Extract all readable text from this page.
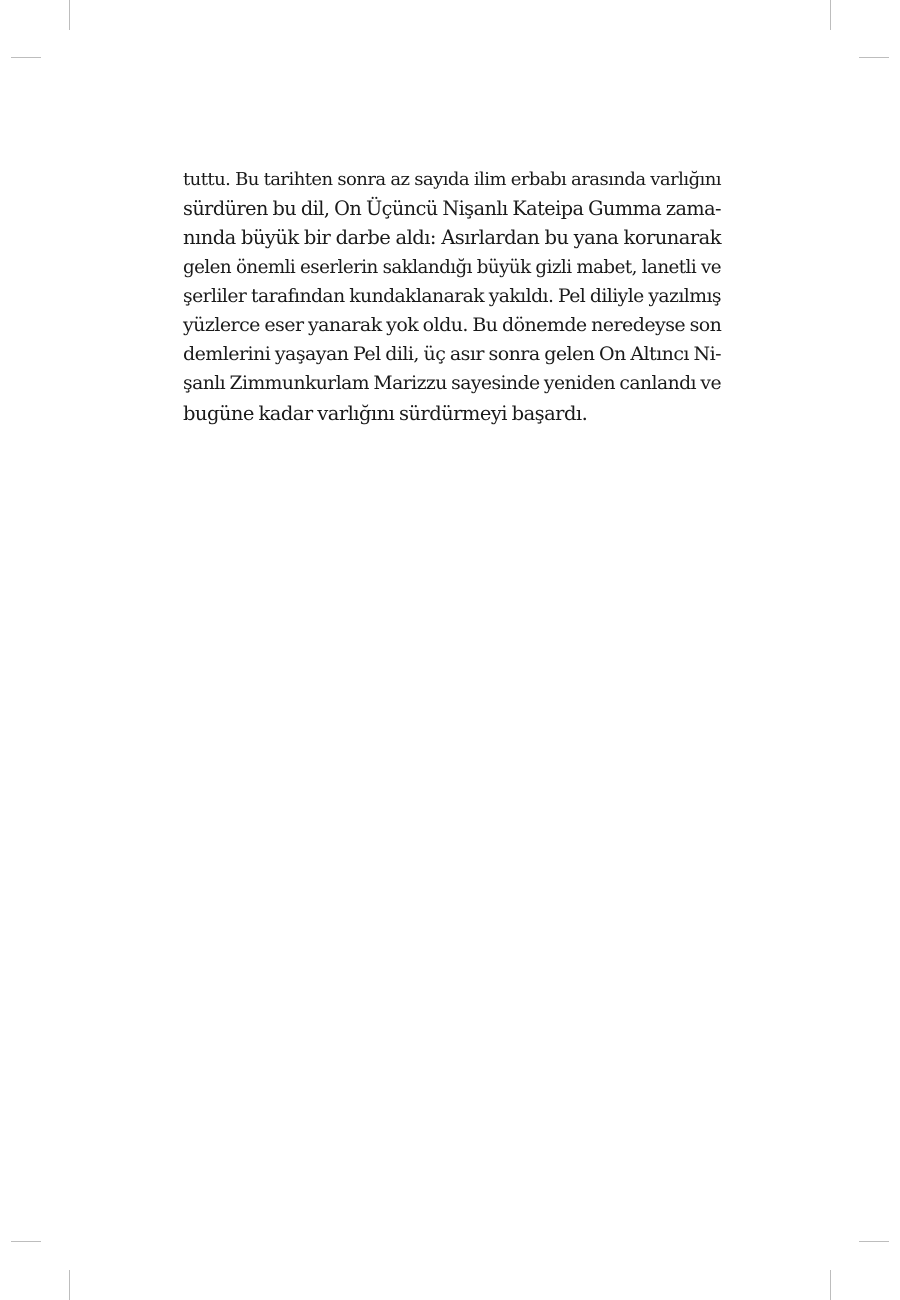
tuttu. Bu tarihten sonra az sayıda ilim erbabı arasında varlığını
sürdüren bu dil, On Üçüncü Nişanlı Kateipa Gumma zama-
nında büyük bir darbe aldı: Asırlardan bu yana korunarak
gelen önemli eserlerin saklandığı büyük gizli mabet, lanetli ve
şerliler tarafından kundaklanarak yakıldı. Pel diliyle yazılmış
yüzlerce eser yanarak yok oldu. Bu dönemde neredeyse son
demlerini yaşayan Pel dili, üç asır sonra gelen On Altıncı Ni-
şanlı Zimmunkurlam Marizzu sayesinde yeniden canlandı ve
bugüne kadar varlığını sürdürmeyi başardı.
